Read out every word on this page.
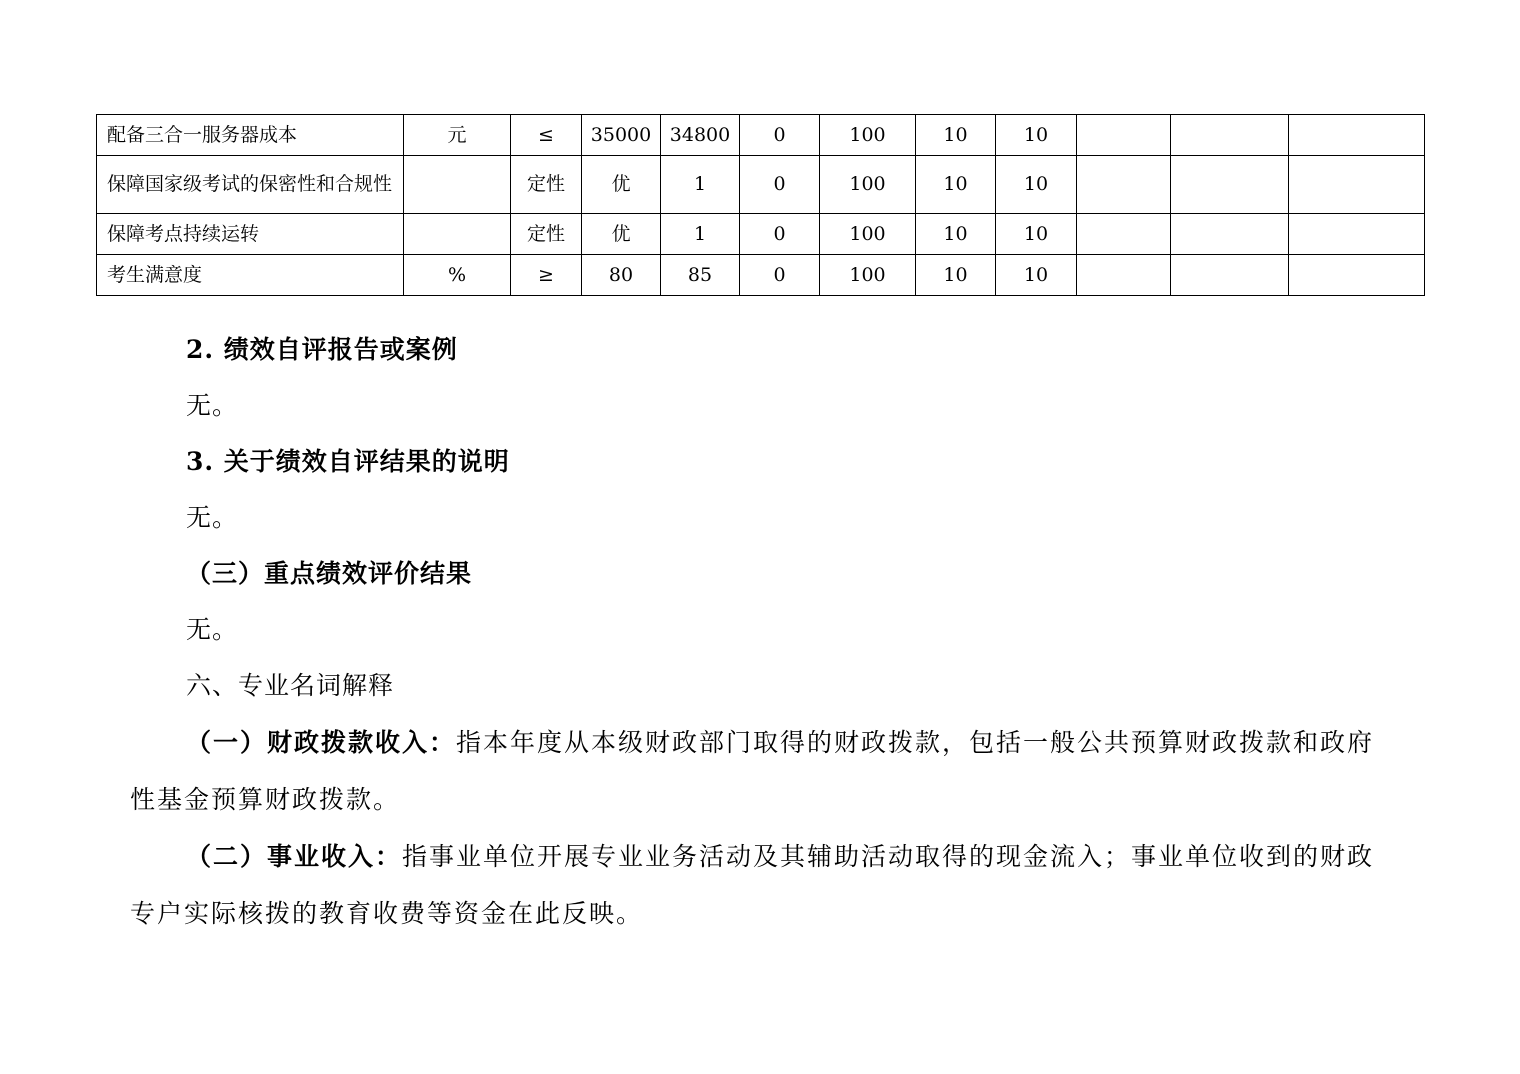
配备三合一服务器成本	元	≤	35000	34800	0	100	10	10			
保障国家级考试的保密性和合规性		定性	优	1	0	100	10	10			
保障考点持续运转		定性	优	1	0	100	10	10			
考生满意度	%	≥	80	85	0	100	10	10			

2. 绩效自评报告或案例

无。

3. 关于绩效自评结果的说明

无。

（三）重点绩效评价结果

无。

六、专业名词解释

（一）财政拨款收入：指本年度从本级财政部门取得的财政拨款，包括一般公共预算财政拨款和政府性基金预算财政拨款。

（二）事业收入：指事业单位开展专业业务活动及其辅助活动取得的现金流入；事业单位收到的财政专户实际核拨的教育收费等资金在此反映。
